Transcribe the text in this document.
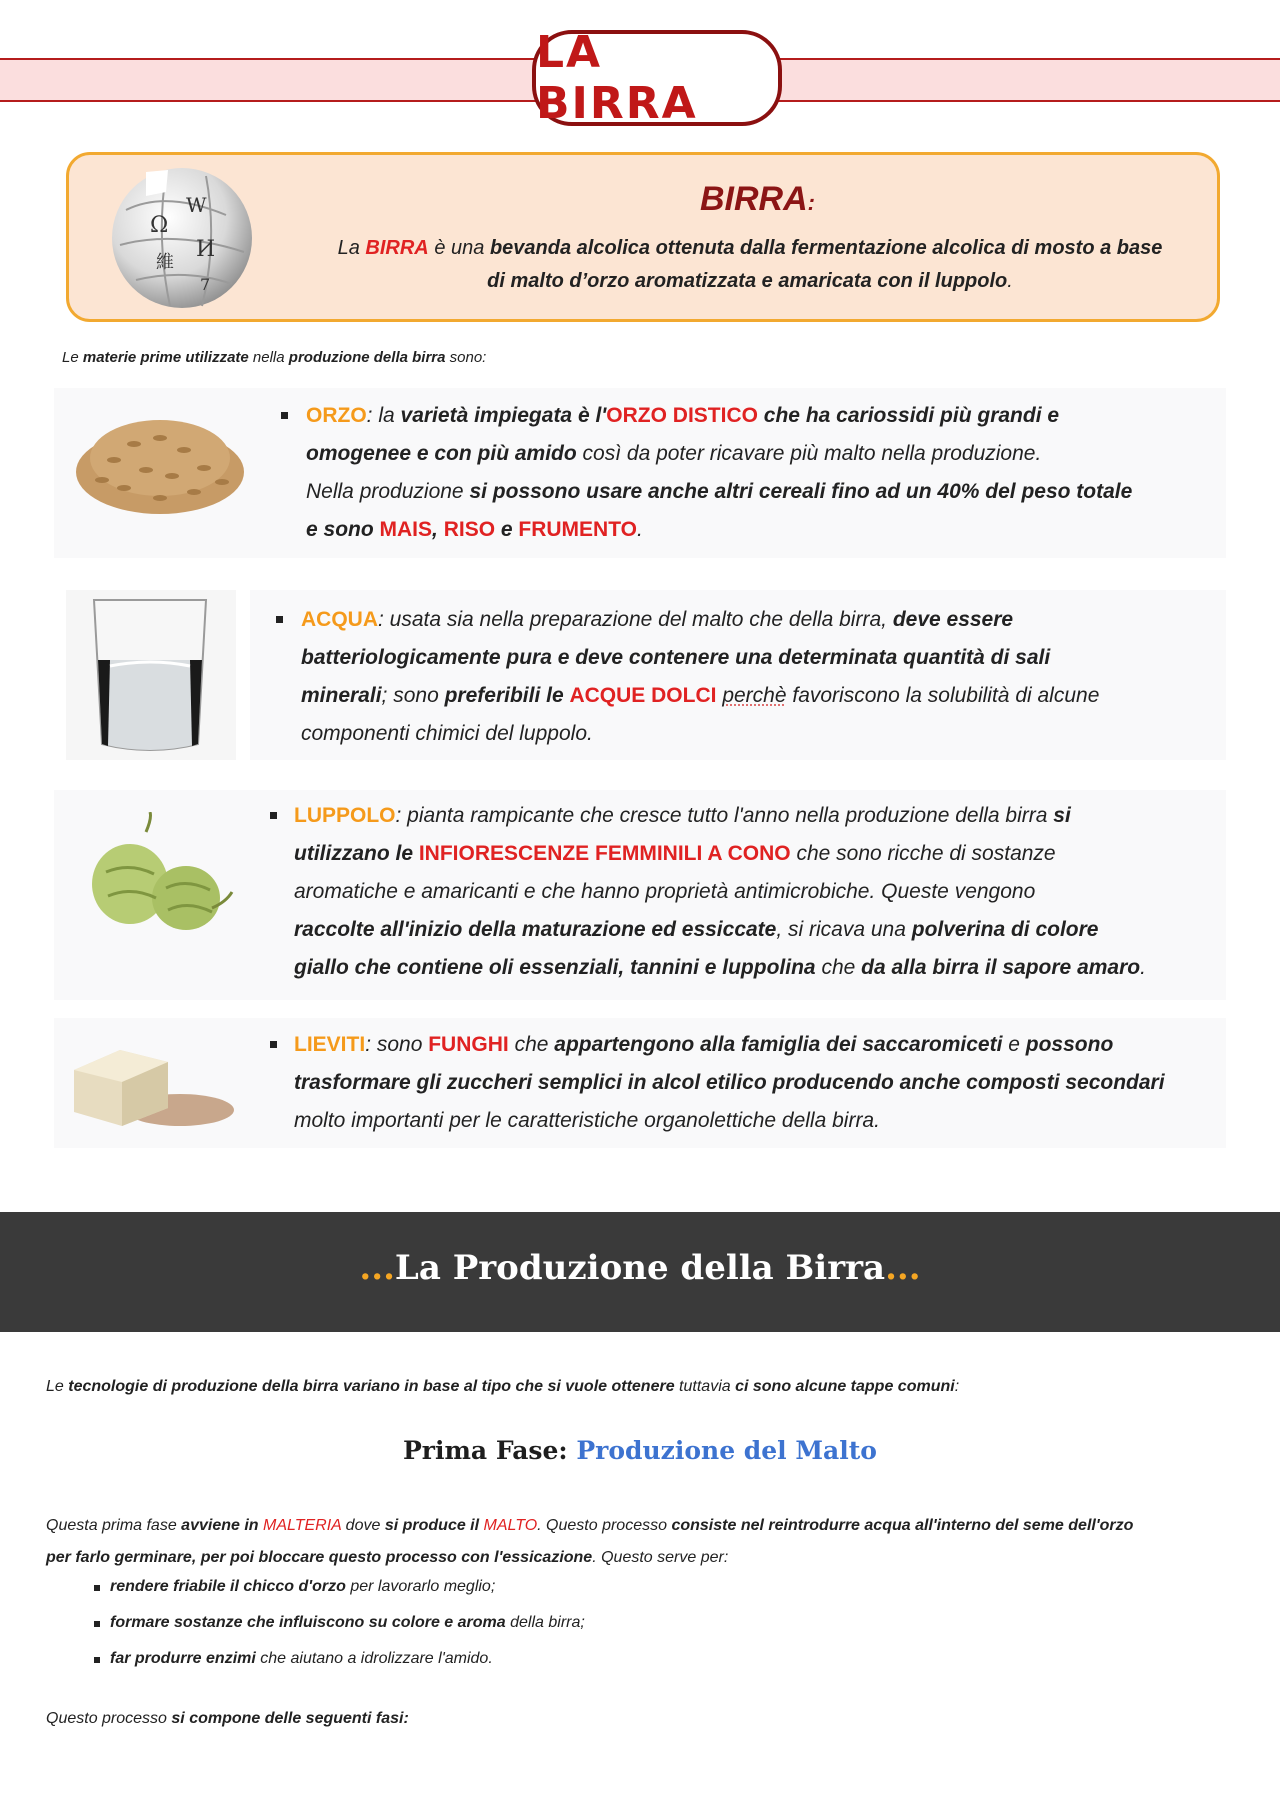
LA BIRRA
Ω
W
И
維
7
BIRRA:
La BIRRA è una bevanda alcolica ottenuta dalla fermentazione alcolica di mosto a base
di malto d’orzo aromatizzata e amaricata con il luppolo.
Le materie prime utilizzate nella produzione della birra sono:
ORZO: la varietà impiegata è l'ORZO DISTICO che ha cariossidi più grandi e
omogenee e con più amido così da poter ricavare più malto nella produzione.
Nella produzione si possono usare anche altri cereali fino ad un 40% del peso totale
e sono MAIS, RISO e FRUMENTO.
ACQUA: usata sia nella preparazione del malto che della birra, deve essere
batteriologicamente pura e deve contenere una determinata quantità di sali
minerali; sono preferibili le ACQUE DOLCI perchè favoriscono la solubilità di alcune
componenti chimici del luppolo.
LUPPOLO: pianta rampicante che cresce tutto l'anno nella produzione della birra si
utilizzano le INFIORESCENZE FEMMINILI A CONO che sono ricche di sostanze
aromatiche e amaricanti e che hanno proprietà antimicrobiche. Queste vengono
raccolte all'inizio della maturazione ed essiccate, si ricava una polverina di colore
giallo che contiene oli essenziali, tannini e luppolina che da alla birra il sapore amaro.
LIEVITI: sono FUNGHI che appartengono alla famiglia dei saccaromiceti e possono
trasformare gli zuccheri semplici in alcol etilico producendo anche composti secondari
molto importanti per le caratteristiche organolettiche della birra.
...La Produzione della Birra...
Le tecnologie di produzione della birra variano in base al tipo che si vuole ottenere tuttavia ci sono alcune tappe comuni:
Prima Fase: Produzione del Malto
Questa prima fase avviene in MALTERIA dove si produce il MALTO. Questo processo consiste nel reintrodurre acqua all'interno del seme dell'orzo
per farlo germinare, per poi bloccare questo processo con l'essicazione. Questo serve per:
rendere friabile il chicco d'orzo per lavorarlo meglio;
formare sostanze che influiscono su colore e aroma della birra;
far produrre enzimi che aiutano a idrolizzare l'amido.
Questo processo si compone delle seguenti fasi:
